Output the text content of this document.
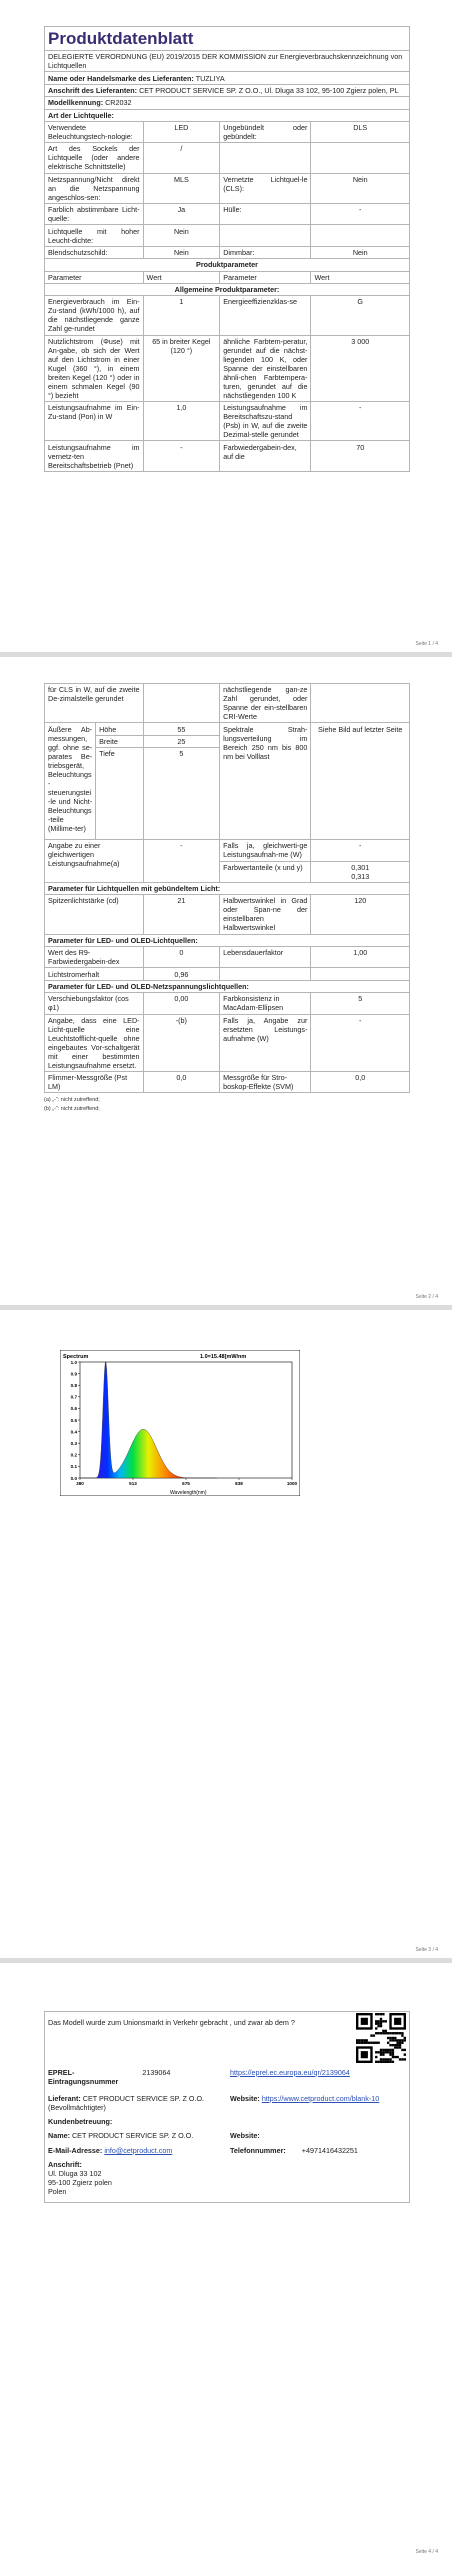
Produktdatenblatt
DELEGIERTE VERORDNUNG (EU) 2019/2015 DER KOMMISSION zur Energieverbrauchskennzeichnung von Lichtquellen			
Name oder Handelsmarke des Lieferanten: TUZLIYA			
Anschrift des Lieferanten: CET PRODUCT SERVICE SP. Z O.O., Ul. Dluga 33 102, 95-100 Zgierz polen, PL			
Modellkennung: CR2032			
Art der Lichtquelle:			
Verwendete Beleuchtungstech-nologie:	LED	Ungebündelt oder gebündelt:	DLS
Art des Sockels der Lichtquelle (oder andere elektrische Schnittstelle)	/		
Netzspannung/Nicht direkt an die Netzspannung angeschlos-sen:	MLS	Vernetzte Lichtquel-le (CLS):	Nein
Farblich abstimmbare Licht-quelle:	Ja	Hülle:	-
Lichtquelle mit hoher Leucht-dichte:	Nein		
Blendschutzschild:	Nein	Dimmbar:	Nein
Produktparameter			
Parameter	Wert	Parameter	Wert
Allgemeine Produktparameter:			
Energieverbrauch im Ein-Zu-stand (kWh/1000 h), auf die nächstliegende ganze Zahl ge-rundet	1	Energieeffizienzklas-se	G
Nutzlichtstrom (Φuse) mit An-gabe, ob sich der Wert auf den Lichtstrom in einer Kugel (360 °), in einem breiten Kegel (120 °) oder in einem schmalen Kegel (90 °) bezieht	65 in breiter Kegel (120 °)	ähnliche Farbtem-peratur, gerundet auf die nächst-liegenden 100 K, oder Spanne der einstellbaren ähnli-chen Farbtempera-turen, gerundet auf die nächstliegenden 100 K	3 000
Leistungsaufnahme im Ein-Zu-stand (Pon) in W	1,0	Leistungsaufnahme im Bereitschaftszu-stand (Psb) in W, auf die zweite Dezimal-stelle gerundet	-
Leistungsaufnahme im vernetz-ten Bereitschaftsbetrieb (Pnet)	-	Farbwiedergabein-dex, auf die	70
Seite 1 / 4
für CLS in W, auf die zweite De-zimalstelle gerundet			nächstliegende gan-ze Zahl gerundet, oder Spanne der ein-stellbaren CRI-Werte	
Äußere Ab-messungen, ggf. ohne se-parates Be-triebsgerät, Beleuchtungs-steuerungstei-le und Nicht-Beleuchtungs-teile (Millime-ter)	Höhe	55	Spektrale Strah-lungsverteilung im Bereich 250 nm bis 800 nm bei Volllast	Siehe Bild auf letzter Seite
	Breite	25		
	Tiefe	5		
Angabe zu einer gleichwertigen Leistungsaufnahme(a)		-	Falls ja, gleichwerti-ge Leistungsaufnah-me (W)	-
			Farbwertanteile (x und y)	0,301
0,313
Parameter für Lichtquellen mit gebündeltem Licht:				
Spitzenlichtstärke (cd)		21	Halbwertswinkel in Grad oder Span-ne der einstellbaren Halbwertswinkel	120
Parameter für LED- und OLED-Lichtquellen:				
Wert des R9-Farbwiedergabein-dex		0	Lebensdauerfaktor	1,00
Lichtstromerhalt		0,96		
Parameter für LED- und OLED-Netzspannungslichtquellen:				
Verschiebungsfaktor (cos φ1)		0,00	Farbkonsistenz in MacAdam-Ellipsen	5
Angabe, dass eine LED-Licht-quelle eine Leuchtstofflicht-quelle ohne eingebautes Vor-schaltgerät mit einer bestimmten Leistungsaufnahme ersetzt.		-(b)	Falls ja, Angabe zur ersetzten Leistungs-aufnahme (W)	-
Flimmer-Messgröße (Pst LM)		0,0	Messgröße für Stro-boskop-Effekte (SVM)	0,0
(a) „-“: nicht zutreffend;
(b) „-“: nicht zutreffend;
Seite 2 / 4
Seite 3 / 4
Spectrum	1.0=15.48[mW/nm
1.0
0.9
0.8
0.7
0.6
0.5
0.4
0.3
0.2
0.1
0.0
380	513	675	838	1000
Wavelength(nm)
Das Modell wurde zum Unionsmarkt in Verkehr gebracht , und zwar ab dem ?	

EPREL-Eintragungsnummer	2139064	https://eprel.ec.europa.eu/qr/2139064	

Lieferant: CET PRODUCT SERVICE SP. Z O.O. (Bevollmächtigter)		Website: https://www.cetproduct.com/blank-10	
Kundenbetreuung:			
Name: CET PRODUCT SERVICE SP. Z O.O.		Website:	
E-Mail-Adresse: info@cetproduct.com		Telefonnummer: +4971416432251	
Anschrift:
Ul. Dluga 33 102
95-100 Zgierz polen
Polen			
Seite 4 / 4
